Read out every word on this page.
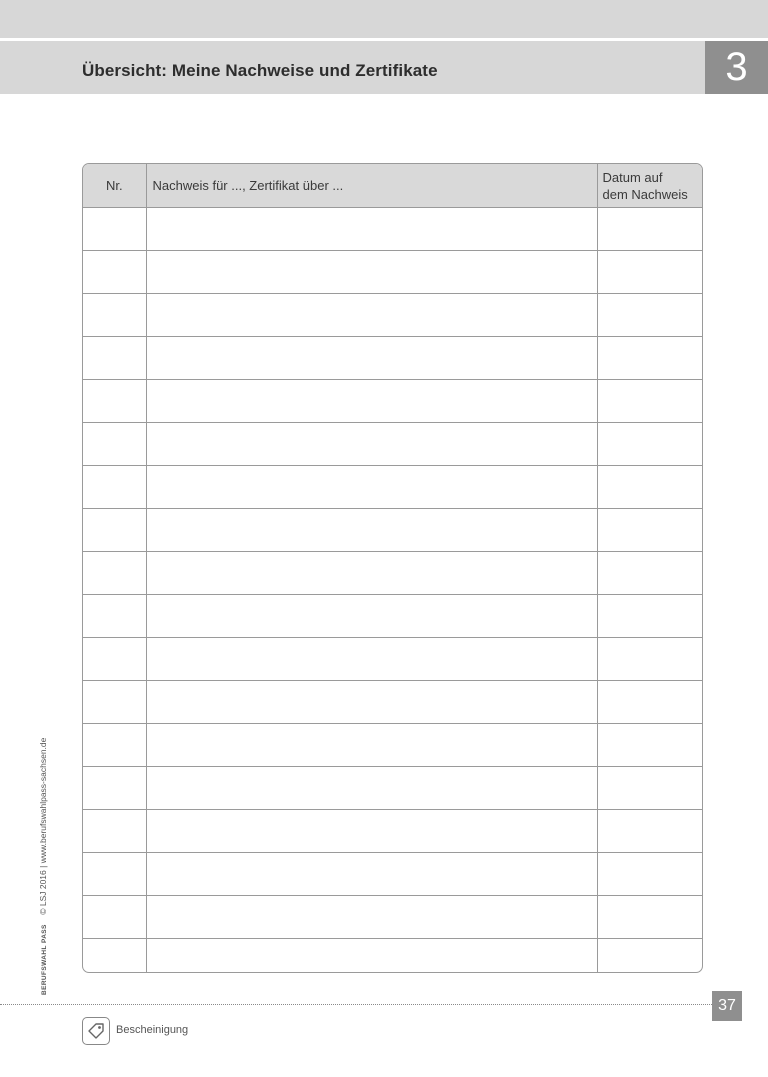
Übersicht: Meine Nachweise und Zertifikate	3
Nr.	Nachweis für ..., Zertifikat über ...	Datum auf
dem Nachweis

BERUFSWAHL PASS    © LSJ 2016 | www.berufswahlpass-sachsen.de
37
Bescheinigung
